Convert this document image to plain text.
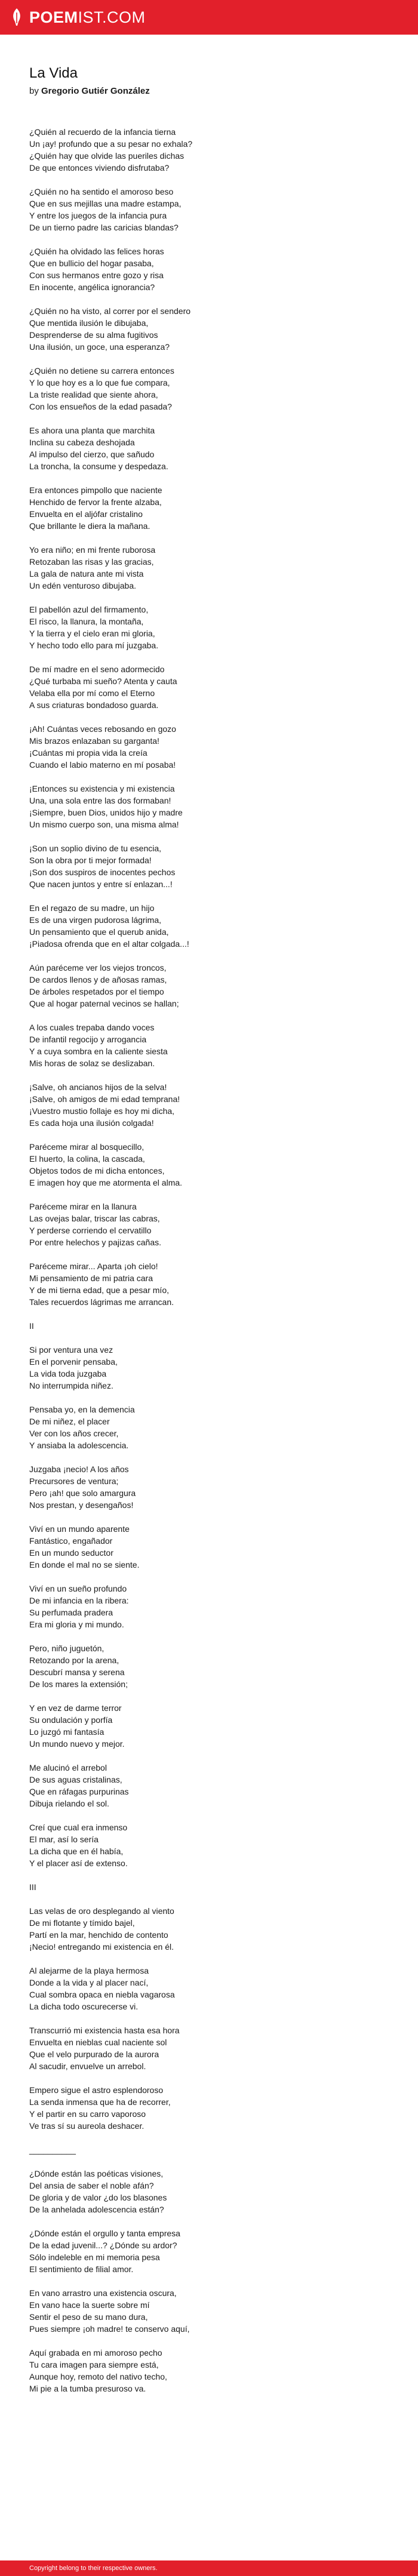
POEMIST.COM
La Vida

by Gregorio Gutiér González

¿Quién al recuerdo de la infancia tierna
Un ¡ay! profundo que a su pesar no exhala?
¿Quién hay que olvide las pueriles dichas
De que entonces viviendo disfrutaba?

¿Quién no ha sentido el amoroso beso
Que en sus mejillas una madre estampa,
Y entre los juegos de la infancia pura
De un tierno padre las caricias blandas?

¿Quién ha olvidado las felices horas
Que en bullicio del hogar pasaba,
Con sus hermanos entre gozo y risa
En inocente, angélica ignorancia?

¿Quién no ha visto, al correr por el sendero
Que mentida ilusión le dibujaba,
Desprenderse de su alma fugitivos
Una ilusión, un goce, una esperanza?

¿Quién no detiene su carrera entonces
Y lo que hoy es a lo que fue compara,
La triste realidad que siente ahora,
Con los ensueños de la edad pasada?

Es ahora una planta que marchita
Inclina su cabeza deshojada
Al impulso del cierzo, que sañudo
La troncha, la consume y despedaza.

Era entonces pimpollo que naciente
Henchido de fervor la frente alzaba,
Envuelta en el aljófar cristalino
Que brillante le diera la mañana.

Yo era niño; en mi frente ruborosa
Retozaban las risas y las gracias,
La gala de natura ante mi vista
Un edén venturoso dibujaba.

El pabellón azul del firmamento,
El risco, la llanura, la montaña,
Y la tierra y el cielo eran mi gloria,
Y hecho todo ello para mí juzgaba.

De mí madre en el seno adormecido
¿Qué turbaba mi sueño? Atenta y cauta
Velaba ella por mí como el Eterno
A sus criaturas bondadoso guarda.

¡Ah! Cuántas veces rebosando en gozo
Mis brazos enlazaban su garganta!
¡Cuántas mi propia vida la creía
Cuando el labio materno en mí posaba!

¡Entonces su existencia y mi existencia
Una, una sola entre las dos formaban!
¡Siempre, buen Dios, unidos hijo y madre
Un mismo cuerpo son, una misma alma!

¡Son un soplio divino de tu esencia,
Son la obra por ti mejor formada!
¡Son dos suspiros de inocentes pechos
Que nacen juntos y entre sí enlazan...!

En el regazo de su madre, un hijo
Es de una virgen pudorosa lágrima,
Un pensamiento que el querub anida,
¡Piadosa ofrenda que en el altar colgada...!

Aún paréceme ver los viejos troncos,
De cardos llenos y de añosas ramas,
De árboles respetados por el tiempo
Que al hogar paternal vecinos se hallan;

A los cuales trepaba dando voces
De infantil regocijo y arrogancia
Y a cuya sombra en la caliente siesta
Mis horas de solaz se deslizaban.

¡Salve, oh ancianos hijos de la selva!
¡Salve, oh amigos de mi edad temprana!
¡Vuestro mustio follaje es hoy mi dicha,
Es cada hoja una ilusión colgada!

Paréceme mirar al bosquecillo,
El huerto, la colina, la cascada,
Objetos todos de mi dicha entonces,
E imagen hoy que me atormenta el alma.

Paréceme mirar en la llanura
Las ovejas balar, triscar las cabras,
Y perderse corriendo el cervatillo
Por entre helechos y pajizas cañas.

Paréceme mirar... Aparta ¡oh cielo!
Mi pensamiento de mi patria cara
Y de mi tierna edad, que a pesar mío,
Tales recuerdos lágrimas me arrancan.

II

Si por ventura una vez
En el porvenir pensaba,
La vida toda juzgaba
No interrumpida niñez.

Pensaba yo, en la demencia
De mi niñez, el placer
Ver con los años crecer,
Y ansiaba la adolescencia.

Juzgaba ¡necio! A los años
Precursores de ventura;
Pero ¡ah! que solo amargura
Nos prestan, y desengaños!

Viví en un mundo aparente
Fantástico, engañador
En un mundo seductor
En donde el mal no se siente.

Viví en un sueño profundo
De mi infancia en la ribera:
Su perfumada pradera
Era mi gloria y mi mundo.

Pero, niño juguetón,
Retozando por la arena,
Descubrí mansa y serena
De los mares la extensión;

Y en vez de darme terror
Su ondulación y porfía
Lo juzgó mi fantasía
Un mundo nuevo y mejor.

Me alucinó el arrebol
De sus aguas cristalinas,
Que en ráfagas purpurinas
Dibuja rielando el sol.

Creí que cual era inmenso
El mar, así lo sería
La dicha que en él había,
Y el placer así de extenso.

III

Las velas de oro desplegando al viento
De mi flotante y tímido bajel,
Partí en la mar, henchido de contento
¡Necio! entregando mi existencia en él.

Al alejarme de la playa hermosa
Donde a la vida y al placer nací,
Cual sombra opaca en niebla vagarosa
La dicha todo oscurecerse vi.

Transcurrió mi existencia hasta esa hora
Envuelta en nieblas cual naciente sol
Que el velo purpurado de la aurora
Al sacudir, envuelve un arrebol.

Empero sigue el astro esplendoroso
La senda inmensa que ha de recorrer,
Y el partir en su carro vaporoso
Ve tras sí su aureola deshacer.

__________

¿Dónde están las poéticas visiones,
Del ansia de saber el noble afán?
De gloria y de valor ¿do los blasones
De la anhelada adolescencia están?

¿Dónde están el orgullo y tanta empresa
De la edad juvenil...? ¿Dónde su ardor?
Sólo indeleble en mi memoria pesa
El sentimiento de filial amor.

En vano arrastro una existencia oscura,
En vano hace la suerte sobre mí
Sentir el peso de su mano dura,
Pues siempre ¡oh madre! te conservo aquí,

Aquí grabada en mi amoroso pecho
Tu cara imagen para siempre está,
Aunque hoy, remoto del nativo techo,
Mi pie a la tumba presuroso va.

Copyright belong to their respective owners.
